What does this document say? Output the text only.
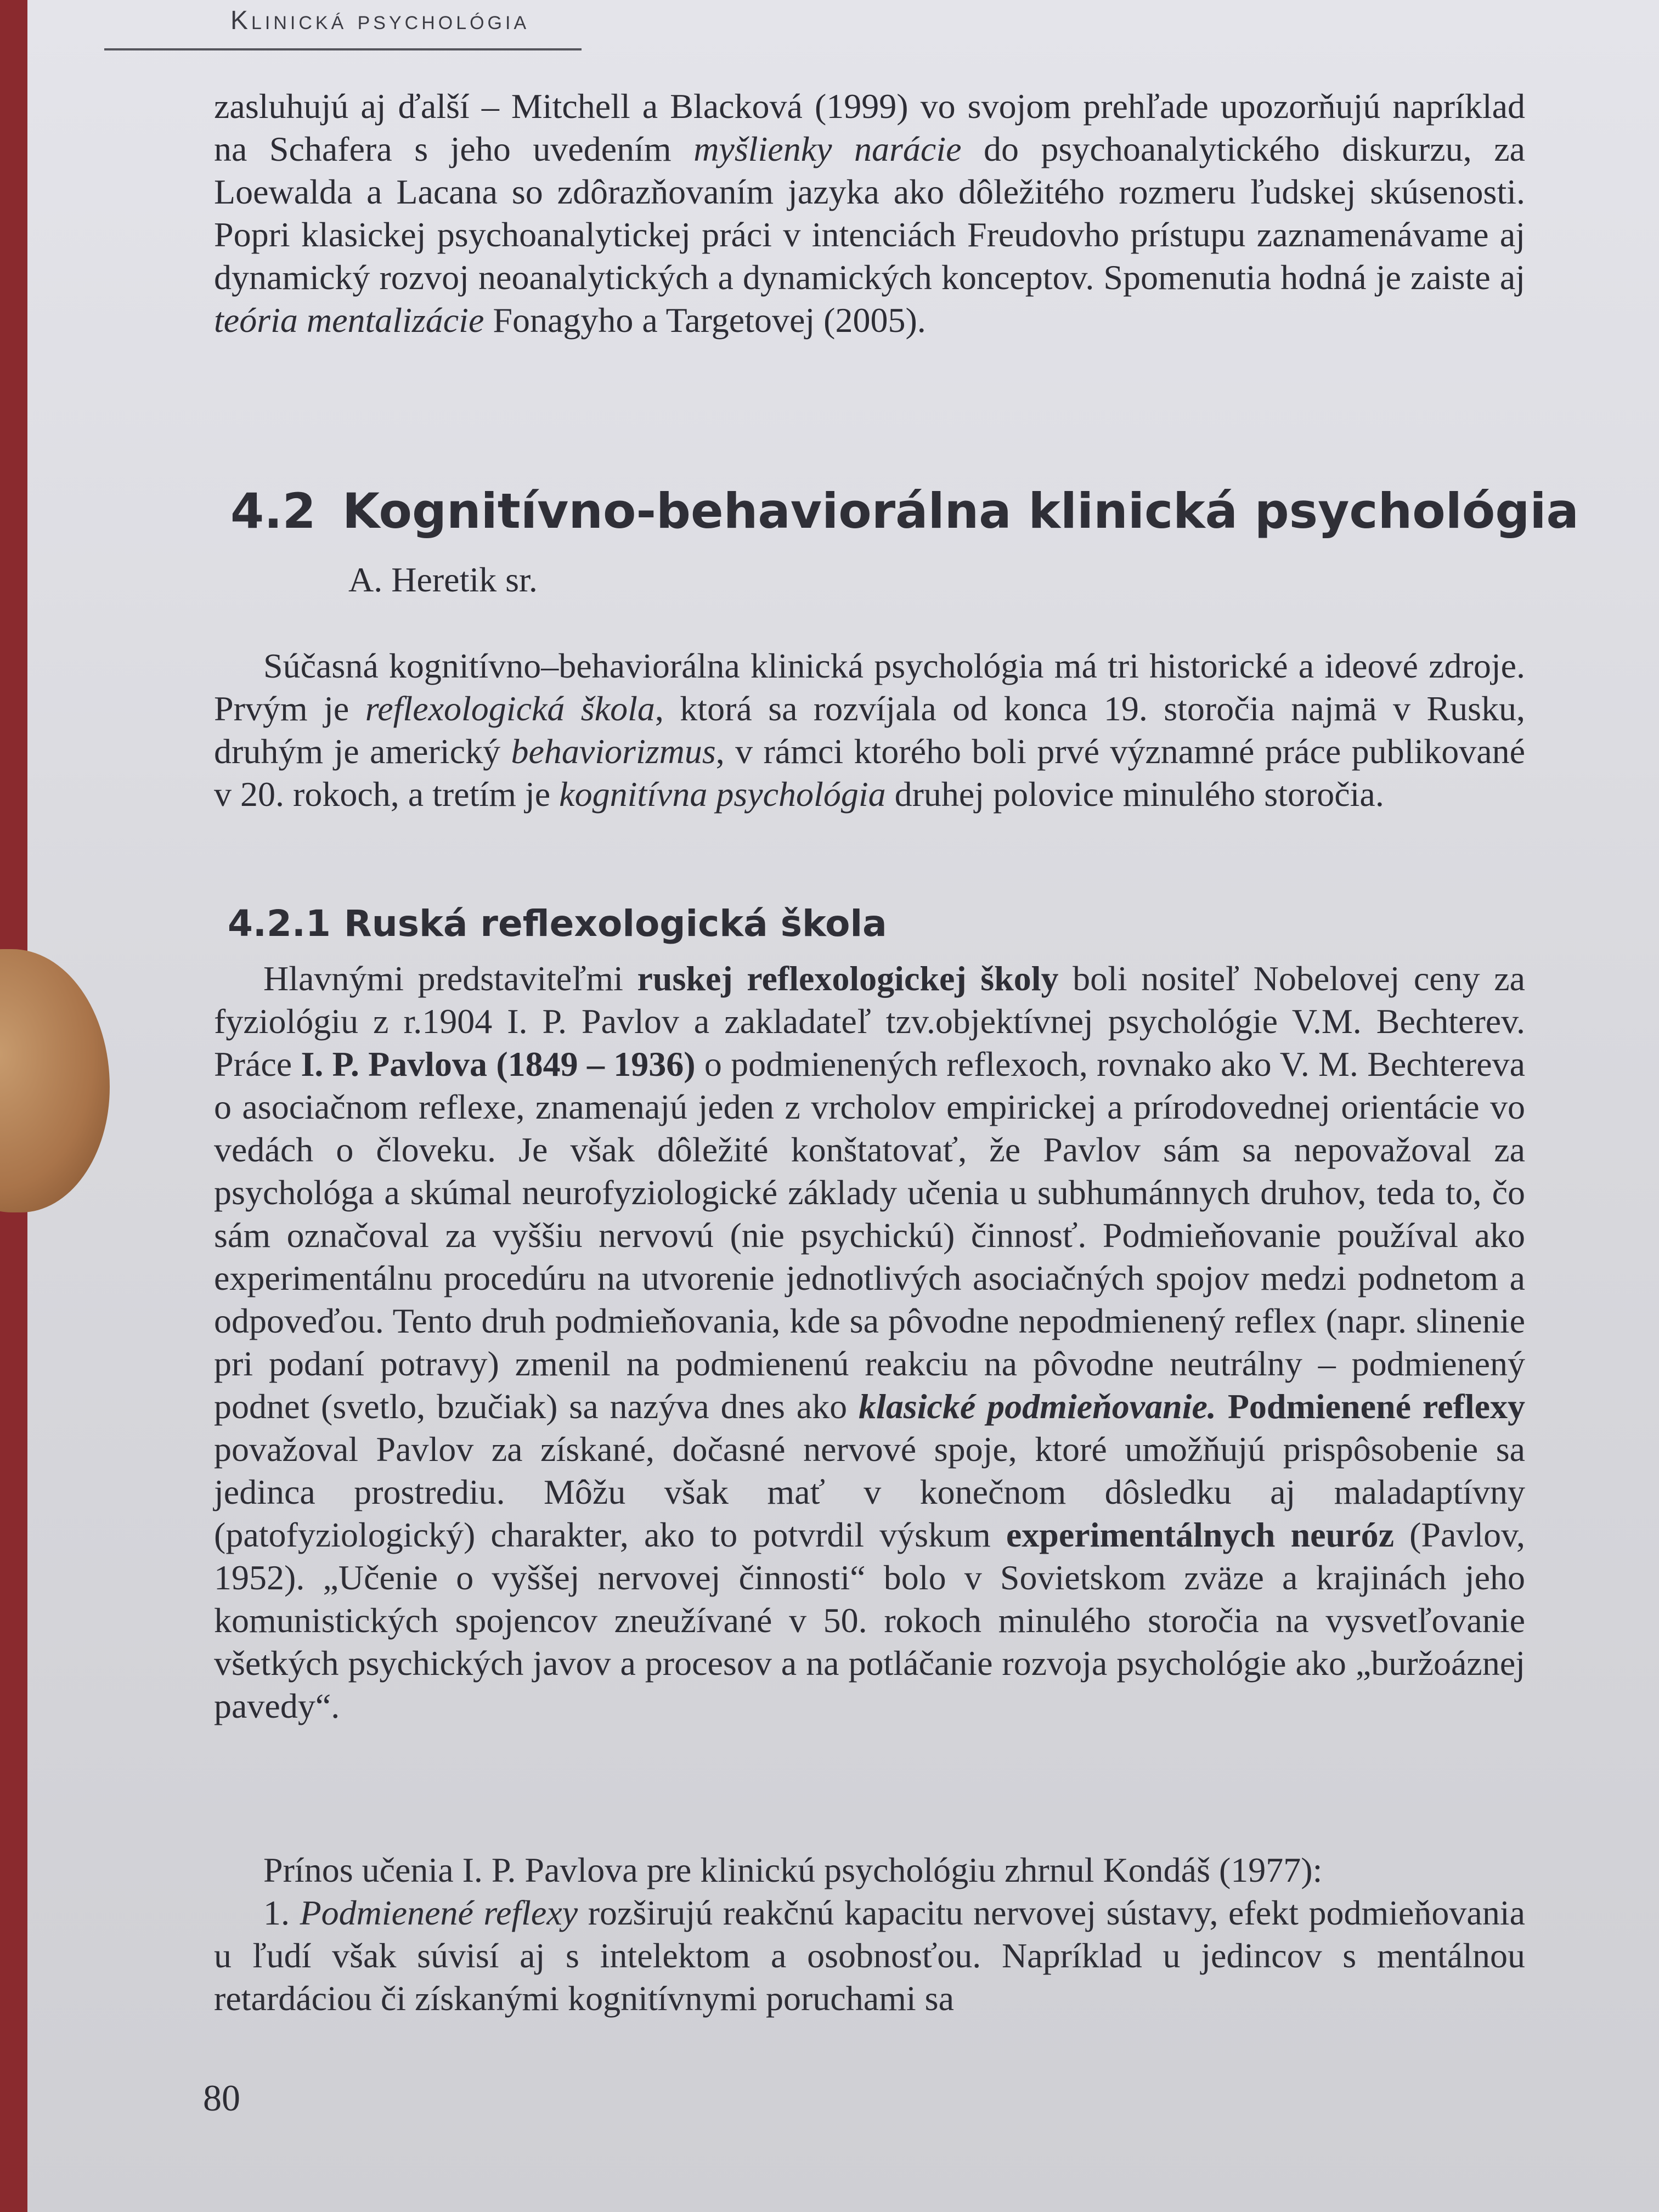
Klinická psychológia
zasluhujú aj ďalší – Mitchell a Blacková (1999) vo svojom prehľade upozorňujú napríklad na Schafera s jeho uvedením myšlienky narácie do psychoanalytického diskurzu, za Loewalda a Lacana so zdôrazňovaním jazyka ako dôležitého rozmeru ľudskej skúsenosti. Popri klasickej psychoanalytickej práci v intenciách Freudovho prístupu zaznamenávame aj dynamický rozvoj neoanalytických a dynamických konceptov. Spomenutia hodná je zaiste aj teória mentalizácie Fonagyho a Targetovej (2005).
4.2 Kognitívno-behaviorálna klinická psychológia
A. Heretik sr.
Súčasná kognitívno–behaviorálna klinická psychológia má tri historické a ideové zdroje. Prvým je reflexologická škola, ktorá sa rozvíjala od konca 19. storočia najmä v Rusku, druhým je americký behaviorizmus, v rámci ktorého boli prvé významné práce publikované v 20. rokoch, a tretím je kognitívna psychológia druhej polovice minulého storočia.
4.2.1 Ruská reflexologická škola
Hlavnými predstaviteľmi ruskej reflexologickej školy boli nositeľ Nobelovej ceny za fyziológiu z r.1904 I. P. Pavlov a zakladateľ tzv.objektívnej psychológie V.M. Bechterev. Práce I. P. Pavlova (1849 – 1936) o podmienených reflexoch, rovnako ako V. M. Bechtereva o asociačnom reflexe, znamenajú jeden z vrcholov empirickej a prírodovednej orientácie vo vedách o človeku. Je však dôležité konštatovať, že Pavlov sám sa nepovažoval za psychológa a skúmal neurofyziologické základy učenia u subhumánnych druhov, teda to, čo sám označoval za vyššiu nervovú (nie psychickú) činnosť. Podmieňovanie používal ako experimentálnu procedúru na utvorenie jednotlivých asociačných spojov medzi podnetom a odpoveďou. Tento druh podmieňovania, kde sa pôvodne nepodmienený reflex (napr. slinenie pri podaní potravy) zmenil na podmienenú reakciu na pôvodne neutrálny – podmienený podnet (svetlo, bzučiak) sa nazýva dnes ako klasické podmieňovanie. Podmienené reflexy považoval Pavlov za získané, dočasné nervové spoje, ktoré umožňujú prispôsobenie sa jedinca prostrediu. Môžu však mať v konečnom dôsledku aj maladaptívny (patofyziologický) charakter, ako to potvrdil výskum experimentálnych neuróz (Pavlov, 1952). „Učenie o vyššej nervovej činnosti“ bolo v Sovietskom zväze a krajinách jeho komunistických spojencov zneužívané v 50. rokoch minulého storočia na vysvetľovanie všetkých psychických javov a procesov a na potláčanie rozvoja psychológie ako „buržoáznej pavedy“.
Prínos učenia I. P. Pavlova pre klinickú psychológiu zhrnul Kondáš (1977):
1. Podmienené reflexy rozširujú reakčnú kapacitu nervovej sústavy, efekt podmieňovania u ľudí však súvisí aj s intelektom a osobnosťou. Napríklad u jedincov s mentálnou retardáciou či získanými kognitívnymi poruchami sa
80
